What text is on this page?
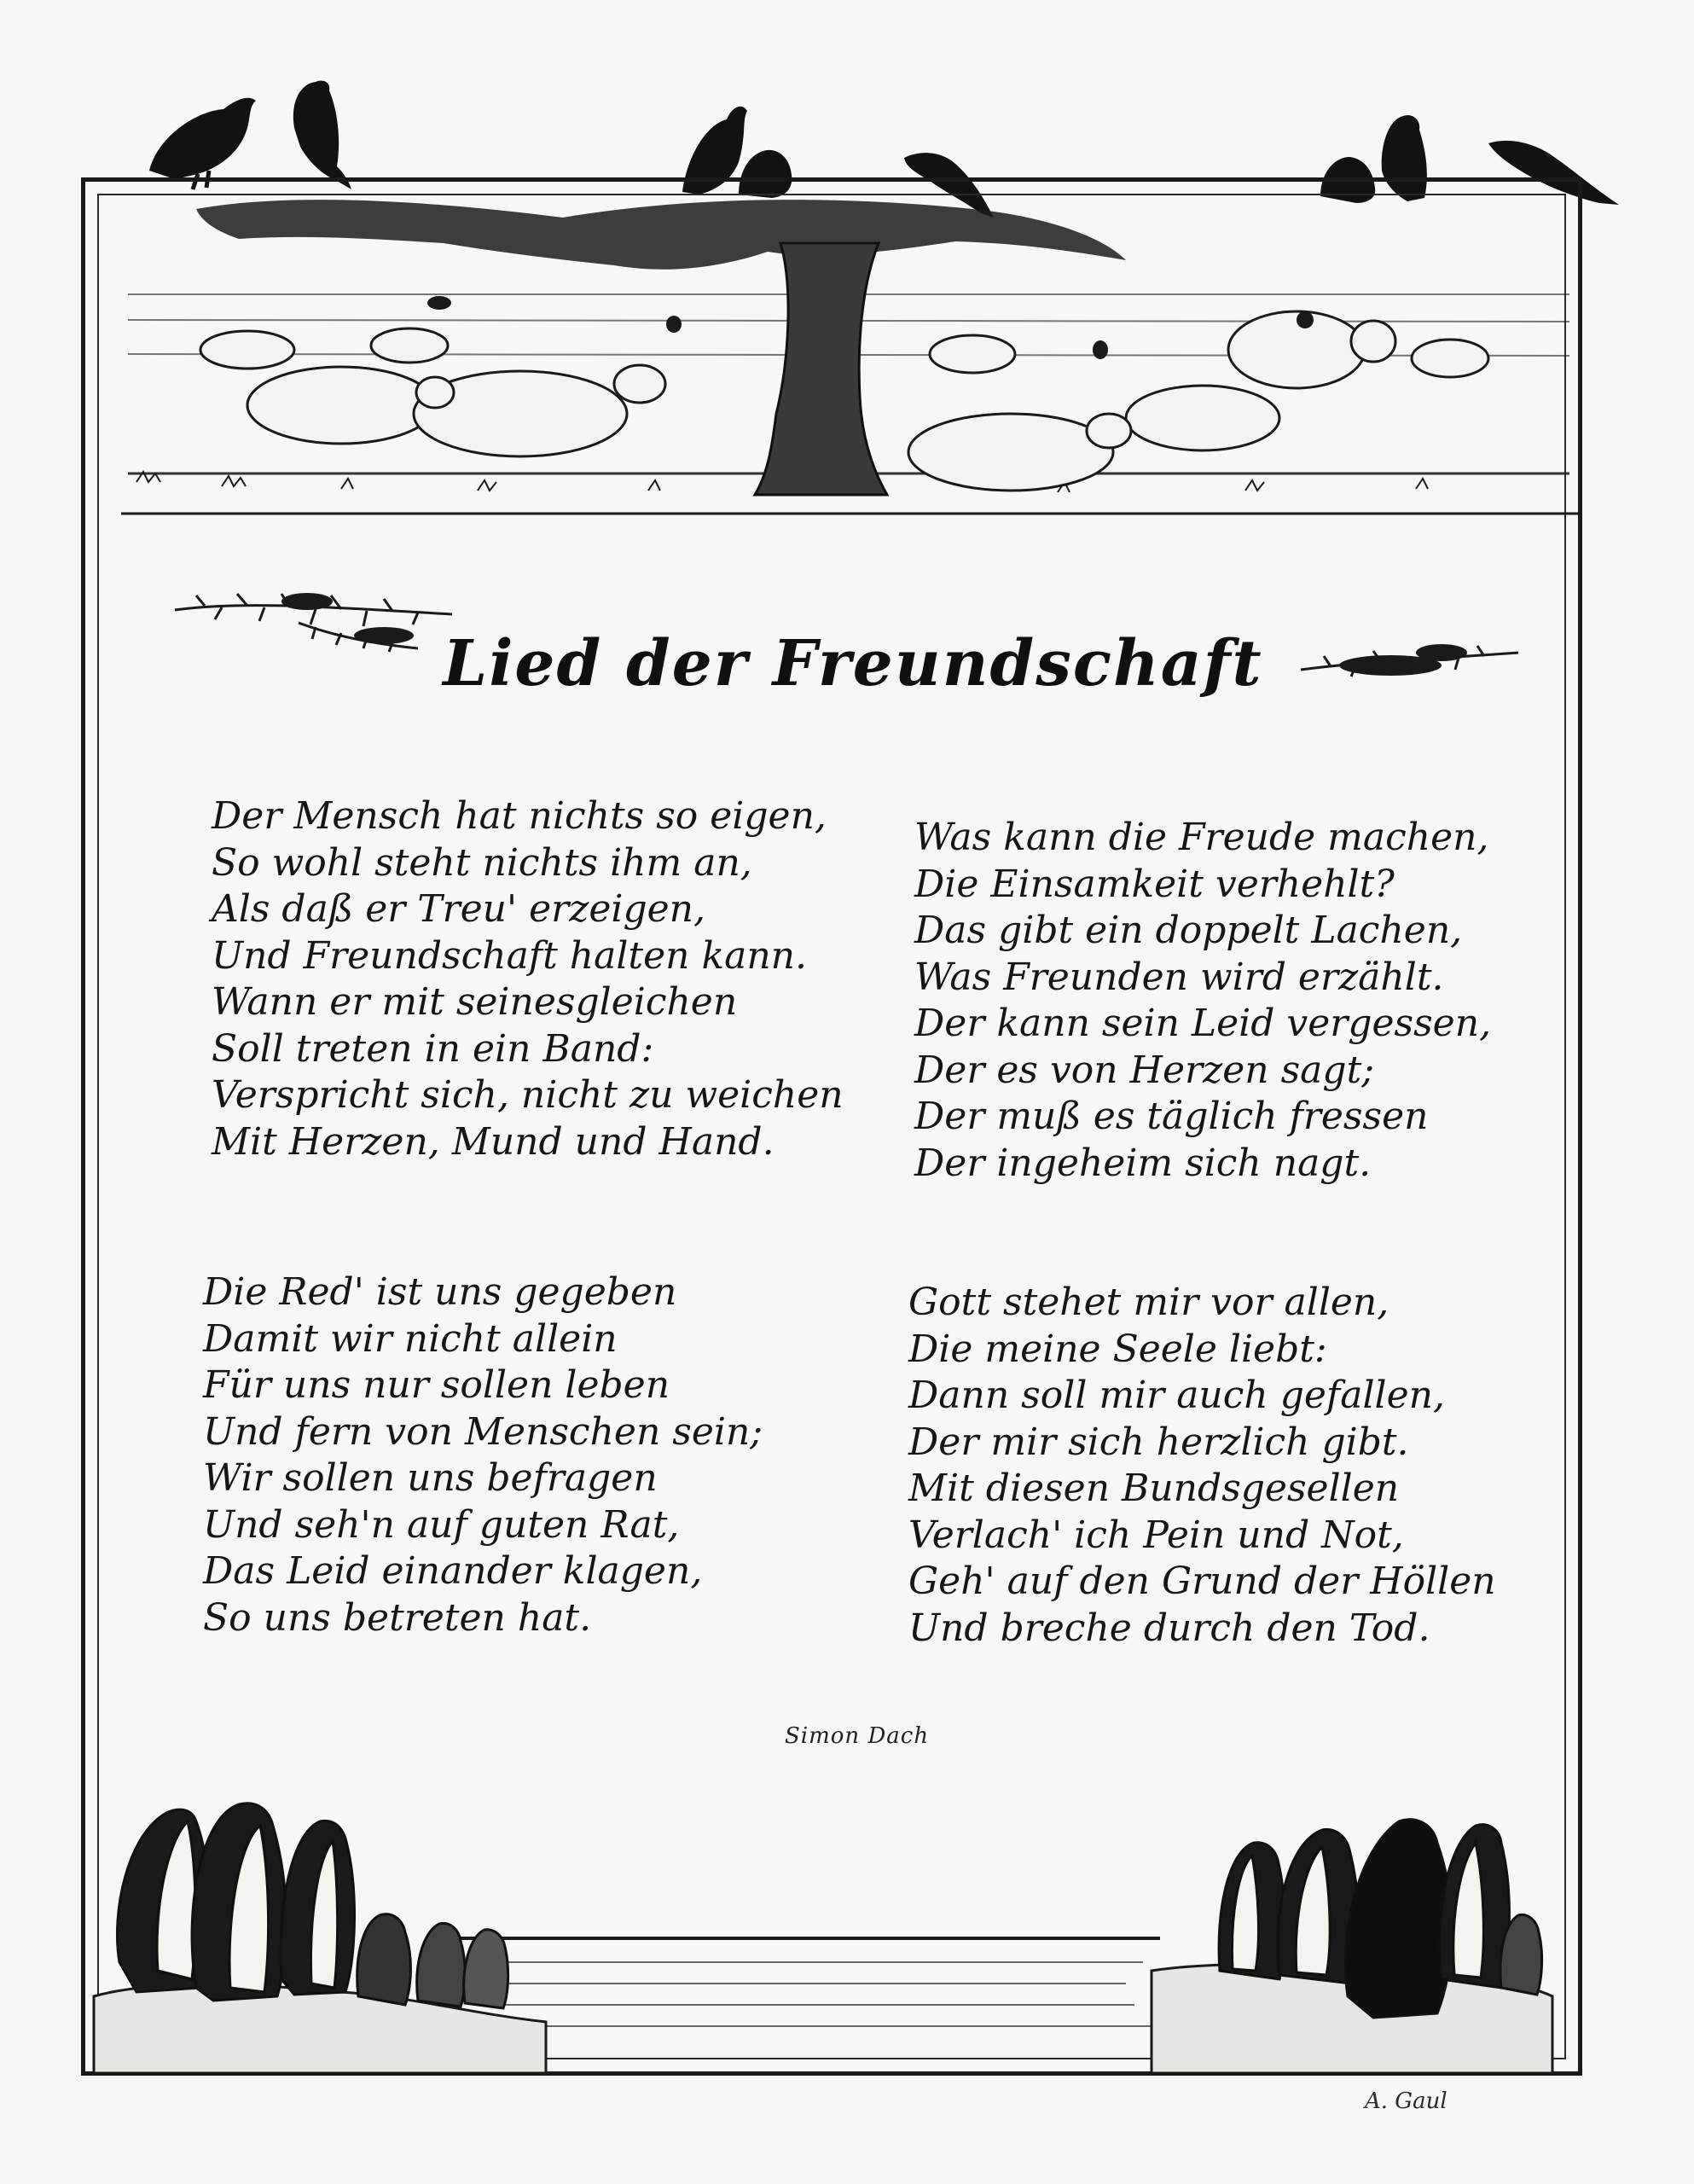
Lied der Freundschaft
Der Mensch hat nichts so eigen,
So wohl steht nichts ihm an,
Als daß er Treu' erzeigen,
Und Freundschaft halten kann.
Wann er mit seinesgleichen
Soll treten in ein Band:
Verspricht sich, nicht zu weichen
Mit Herzen, Mund und Hand.
Was kann die Freude machen,
Die Einsamkeit verhehlt?
Das gibt ein doppelt Lachen,
Was Freunden wird erzählt.
Der kann sein Leid vergessen,
Der es von Herzen sagt;
Der muß es täglich fressen
Der ingeheim sich nagt.
Die Red' ist uns gegeben
Damit wir nicht allein
Für uns nur sollen leben
Und fern von Menschen sein;
Wir sollen uns befragen
Und seh'n auf guten Rat,
Das Leid einander klagen,
So uns betreten hat.
Gott stehet mir vor allen,
Die meine Seele liebt:
Dann soll mir auch gefallen,
Der mir sich herzlich gibt.
Mit diesen Bundsgesellen
Verlach' ich Pein und Not,
Geh' auf den Grund der Höllen
Und breche durch den Tod.
Simon Dach
A. Gaul
